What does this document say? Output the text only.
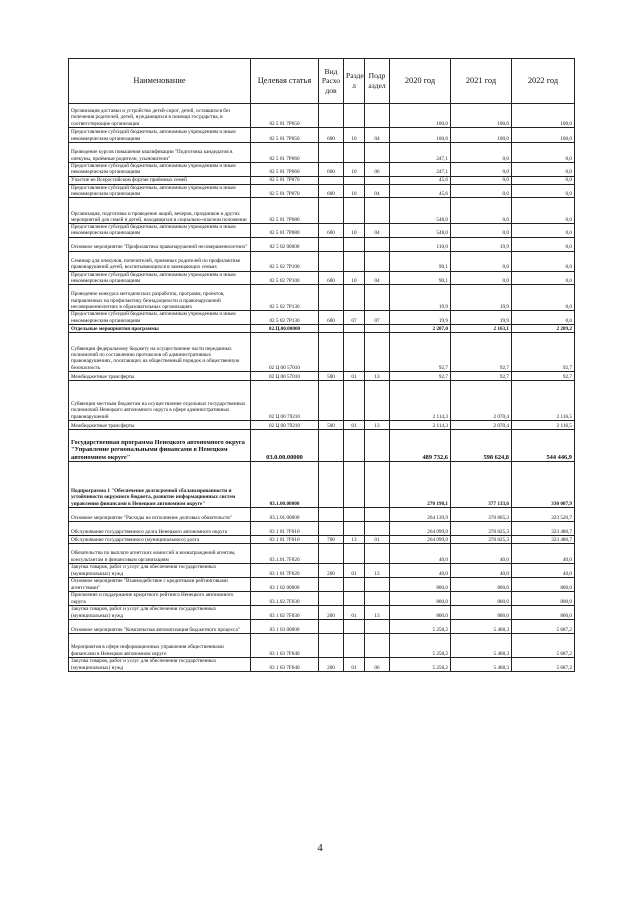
Наименование	Целевая статья	Вид Расхо дов	Разде л	Подр аздел	2020 год	2021 год	2022 год
Организация доставки и устройство детей-сирот, детей, оставшихся без попечения родителей, детей, нуждающихся в помощи государства, в соответствующие организации	02 5 01 7P050				100,0	100,0	100,0
Предоставление субсидий бюджетным, автономным учреждениям и иным некоммерческим организациям	02 5 01 7P050	600	10	04	100,0	100,0	100,0
Проведение курсов повышения квалификации "Подготовка кандидатов в опекуны, приёмные родители, усыновители"	02 5 01 7P060				247,1	0,0	0,0
Предоставление субсидий бюджетным, автономным учреждениям и иным некоммерческим организациям	02 5 01 7P060	600	10	06	247,1	0,0	0,0
Участие во Всероссийском форуме приёмных семей	02 5 01 7P070				45,6	0,0	0,0
Предоставление субсидий бюджетным, автономным учреждениям и иным некоммерческим организациям	02 5 01 7P070	600	10	04	45,6	0,0	0,0
Организация, подготовка и проведение акций, вечеров, праздников и других мероприятий для семей и детей, находящихся в социально-опасном положении	02 5 01 7P080				548,0	0,0	0,0
Предоставление субсидий бюджетным, автономным учреждениям и иным некоммерческим организациям	02 5 01 7P080	600	10	04	548,0	0,0	0,0
Основное мероприятие "Профилактика правонарушений несовершеннолетних"	02 5 02 00000				110,0	19,9	0,0
Семинар для опекунов, попечителей, приемных родителей по профилактике правонарушений детей, воспитывающихся в замещающих семьях	02 5 02 7P100				90,1	0,0	0,0
Предоставление субсидий бюджетным, автономным учреждениям и иным некоммерческим организациям	02 5 02 7P100	600	10	04	90,1	0,0	0,0
Проведение конкурса методических разработок, программ, проектов, направленных на профилактику безнадзорности и правонарушений несовершеннолетних в образовательных организациях	02 5 02 7P130				19,9	19,9	0,0
Предоставление субсидий бюджетным, автономным учреждениям и иным некоммерческим организациям	02 5 02 7P130	600	07	07	19,9	19,9	0,0
Отдельные мероприятия программы	02.Ц.00.00000				2 207,0	2 163,1	2 209,2
Субвенции федеральному бюджету на осуществление части переданных полномочий по составлению протоколов об административных правонарушениях, посягающих на общественный порядок и общественную безопасность	02 Ц 00 57010				92,7	92,7	92,7
Межбюджетные трансферты	02 Ц 00 57010	500	01	13	92,7	92,7	92,7
Субвенции местным бюджетам на осуществление отдельных государственных полномочий Ненецкого автономного округа в сфере административных правонарушений	02 Ц 00 79210				2 114,3	2 070,4	2 116,5
Межбюджетные трансферты	02 Ц 00 79210	500	01	13	2 114,3	2 070,4	2 116,5
Государственная программа Ненецкого автономного округа "Управление региональными финансами в Ненецком автономном округе"	03.0.00.00000				489 732,6	598 624,8	544 446,9
Подпрограмма 1 "Обеспечение долгосрочной сбалансированности и устойчивости окружного бюджета, развитие информационных систем управления финансами в Ненецком автономном округе"	03.1.00.00000				270 198,1	377 133,6	330 007,9
Основное мероприятие "Расходы на исполнение долговых обязательств"	03.1.01.00000				264 139,9	370 865,3	323 520,7
Обслуживание государственного долга Ненецкого автономного округа	03 1 01 7F010				264 099,9	370 825,3	323 480,7
Обслуживание государственного (муниципального) долга	03 1 01 7F010	700	13	01	264 099,9	370 825,3	323 480,7
Обязательства по выплате агентских комиссий и вознаграждений агентам, консультантам и финансовым организациям	03.1.01.7F020				40,0	40,0	40,0
Закупка товаров, работ и услуг для обеспечения государственных (муниципальных) нужд	03 1 01 7F020	200	01	13	40,0	40,0	40,0
Основное мероприятие "Взаимодействие с кредитными рейтинговыми агентствами"	03 1 02 00000				800,0	800,0	800,0
Присвоение и поддержание кредитного рейтинга Ненецкого автономного округа	03.1.02.7F030				800,0	800,0	800,0
Закупка товаров, работ и услуг для обеспечения государственных (муниципальных) нужд	03 1 02 7F030	200	01	13	800,0	800,0	800,0
Основное мероприятие "Комплексная автоматизация бюджетного процесса"	03 1 03 00000				5 258,2	5 468,3	5 687,2
Мероприятия в сфере информационных управления общественными финансами в Ненецком автономном округе	03 1 03 7F040				5 258,2	5 468,3	5 687,2
Закупка товаров, работ и услуг для обеспечения государственных (муниципальных) нужд	03 1 03 7F040	200	01	06	5 258,2	5 468,3	5 687,2
4
